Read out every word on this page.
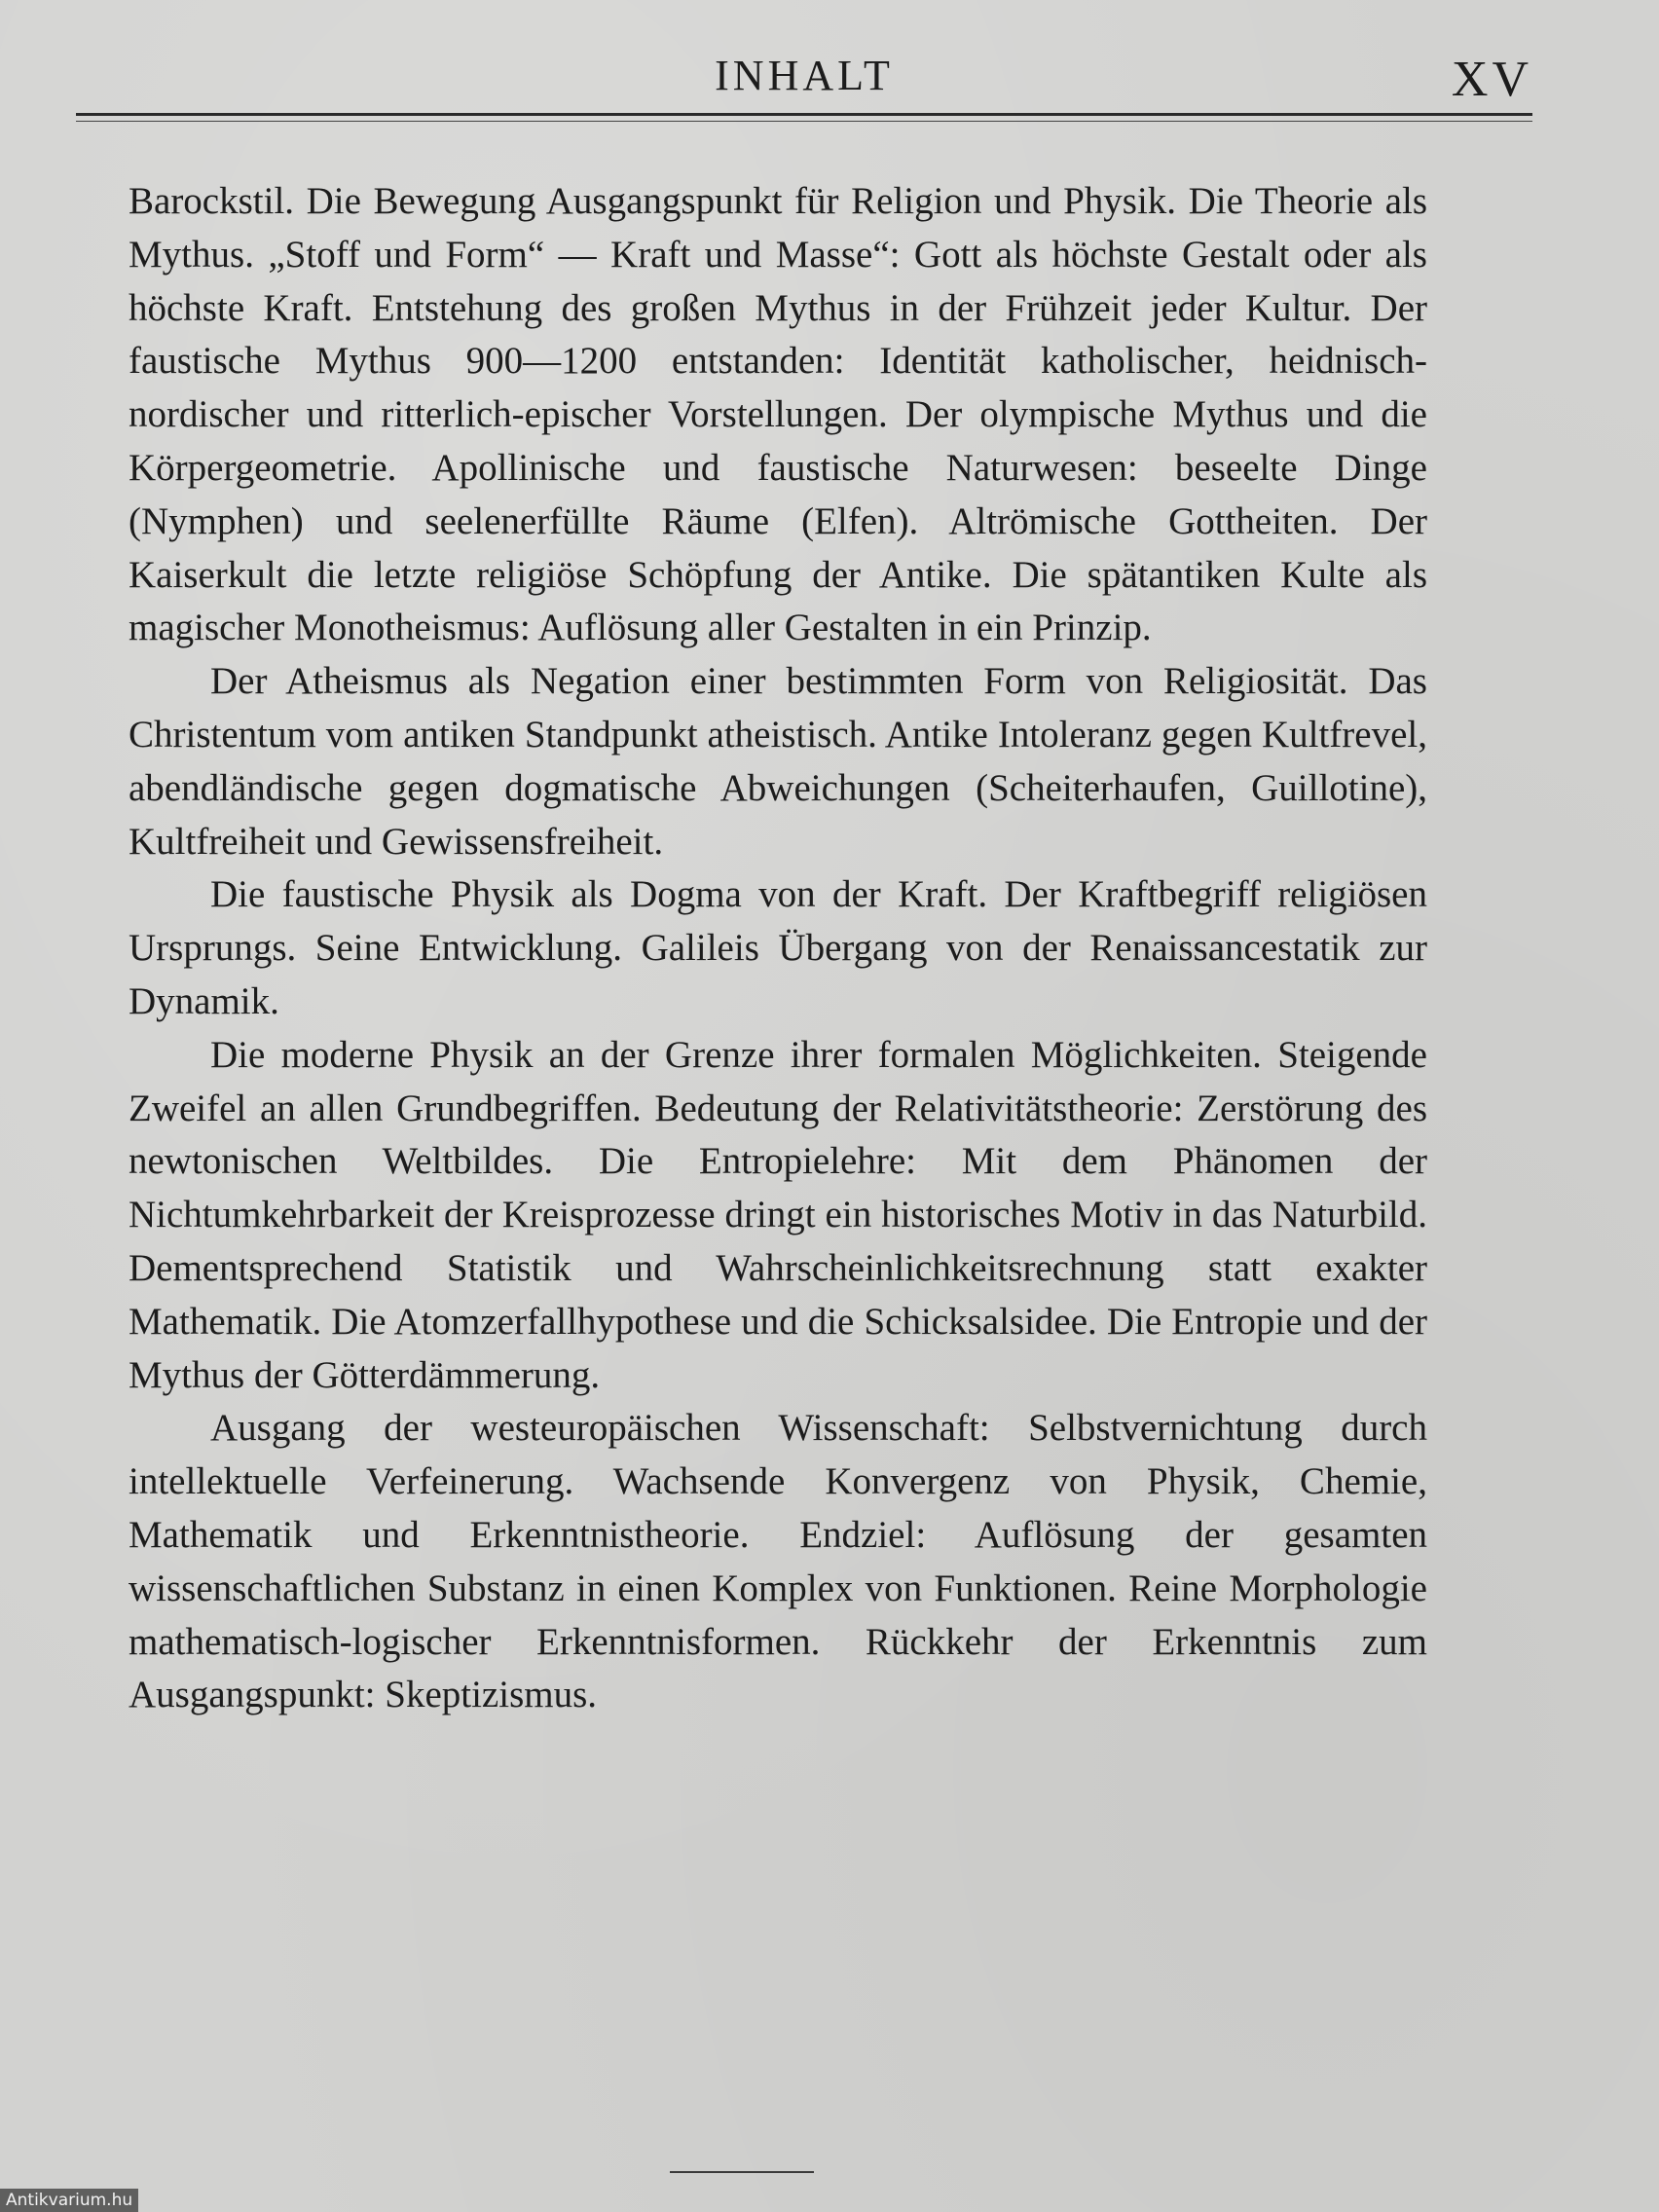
INHALT	XV

Barockstil. Die Bewegung Ausgangspunkt für Religion und Physik. Die Theorie als Mythus. „Stoff und Form“ — Kraft und Masse“: Gott als höchste Gestalt oder als höchste Kraft. Entstehung des großen Mythus in der Frühzeit jeder Kultur. Der faustische Mythus 900—1200 entstanden: Identität katholischer, heidnisch-nordischer und ritterlich-epischer Vorstellungen. Der olympische Mythus und die Körpergeometrie. Apollinische und faustische Naturwesen: beseelte Dinge (Nymphen) und seelenerfüllte Räume (Elfen). Altrömische Gottheiten. Der Kaiserkult die letzte religiöse Schöpfung der Antike. Die spätantiken Kulte als magischer Monotheismus: Auflösung aller Gestalten in ein Prinzip.

Der Atheismus als Negation einer bestimmten Form von Religiosität. Das Christentum vom antiken Standpunkt atheistisch. Antike Intoleranz gegen Kultfrevel, abendländische gegen dogmatische Abweichungen (Scheiterhaufen, Guillotine), Kultfreiheit und Gewissensfreiheit.

Die faustische Physik als Dogma von der Kraft. Der Kraftbegriff religiösen Ursprungs. Seine Entwicklung. Galileis Übergang von der Renaissancestatik zur Dynamik.

Die moderne Physik an der Grenze ihrer formalen Möglichkeiten. Steigende Zweifel an allen Grundbegriffen. Bedeutung der Relativitätstheorie: Zerstörung des newtonischen Weltbildes. Die Entropielehre: Mit dem Phänomen der Nichtumkehrbarkeit der Kreisprozesse dringt ein historisches Motiv in das Naturbild. Dementsprechend Statistik und Wahrscheinlichkeitsrechnung statt exakter Mathematik. Die Atomzerfallhypothese und die Schicksalsidee. Die Entropie und der Mythus der Götterdämmerung.

Ausgang der westeuropäischen Wissenschaft: Selbstvernichtung durch intellektuelle Verfeinerung. Wachsende Konvergenz von Physik, Chemie, Mathematik und Erkenntnistheorie. Endziel: Auflösung der gesamten wissenschaftlichen Substanz in einen Komplex von Funktionen. Reine Morphologie mathematisch-logischer Erkenntnisformen. Rückkehr der Erkenntnis zum Ausgangspunkt: Skeptizismus.

Antikvarium.hu
